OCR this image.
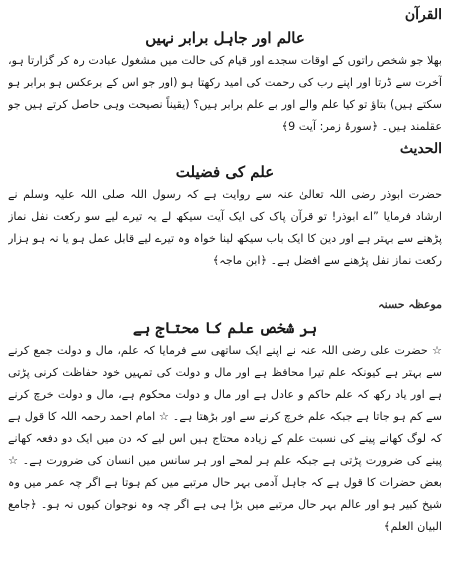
القرآن
عالم اور جاہل برابر نہیں
بھلا جو شخص راتوں کے اوقات سجدے اور قیام کی حالت میں مشغول عبادت رہ کر گزارتا ہو، آخرت سے ڈرتا اور اپنے رب کی رحمت کی امید رکھتا ہو (اور جو اس کے برعکس ہو برابر ہو سکتے ہیں) بتاؤ تو کیا علم والے اور بے علم برابر ہیں؟ (یقیناً نصیحت وہی حاصل کرتے ہیں جو عقلمند ہیں۔ ﴿سورۂ زمر: آیت 9﴾
الحدیث
علم کی فضیلت
حضرت ابوذر رضی اللہ تعالیٰ عنہ سے روایت ہے کہ رسول اللہ صلی اللہ علیہ وسلم نے ارشاد فرمایا ”اے ابوذر! تو قرآن پاک کی ایک آیت سیکھ لے یہ تیرے لیے سو رکعت نفل نماز پڑھنے سے بہتر ہے اور دین کا ایک باب سیکھ لینا خواہ وہ تیرے لیے قابل عمل ہو یا نہ ہو ہزار رکعت نماز نفل پڑھنے سے افضل ہے۔ ﴿ابن ماجہ﴾
موعظہ حسنہ
ہر شخص علم کا محتاج ہے
☆ حضرت علی رضی اللہ عنہ نے اپنے ایک ساتھی سے فرمایا کہ علم، مال و دولت جمع کرنے سے بہتر ہے کیونکہ علم تیرا محافظ ہے اور مال و دولت کی تمہیں خود حفاظت کرنی پڑتی ہے اور یاد رکھ کہ علم حاکم و عادل ہے اور مال و دولت محکوم ہے، مال و دولت خرچ کرنے سے کم ہو جاتا ہے جبکہ علم خرچ کرنے سے اور بڑھتا ہے۔ ☆ امام احمد رحمہ اللہ کا قول ہے کہ لوگ کھانے پینے کی نسبت علم کے زیادہ محتاج ہیں اس لیے کہ دن میں ایک دو دفعہ کھانے پینے کی ضرورت پڑتی ہے جبکہ علم ہر لمحے اور ہر سانس میں انسان کی ضرورت ہے۔ ☆ بعض حضرات کا قول ہے کہ جاہل آدمی بہر حال مرتبے میں کم ہوتا ہے اگر چہ عمر میں وہ شیخ کبیر ہو اور عالم بہر حال مرتبے میں بڑا ہی ہے اگر چہ وہ نوجوان کیوں نہ ہو۔ ﴿جامع البیان العلم﴾
